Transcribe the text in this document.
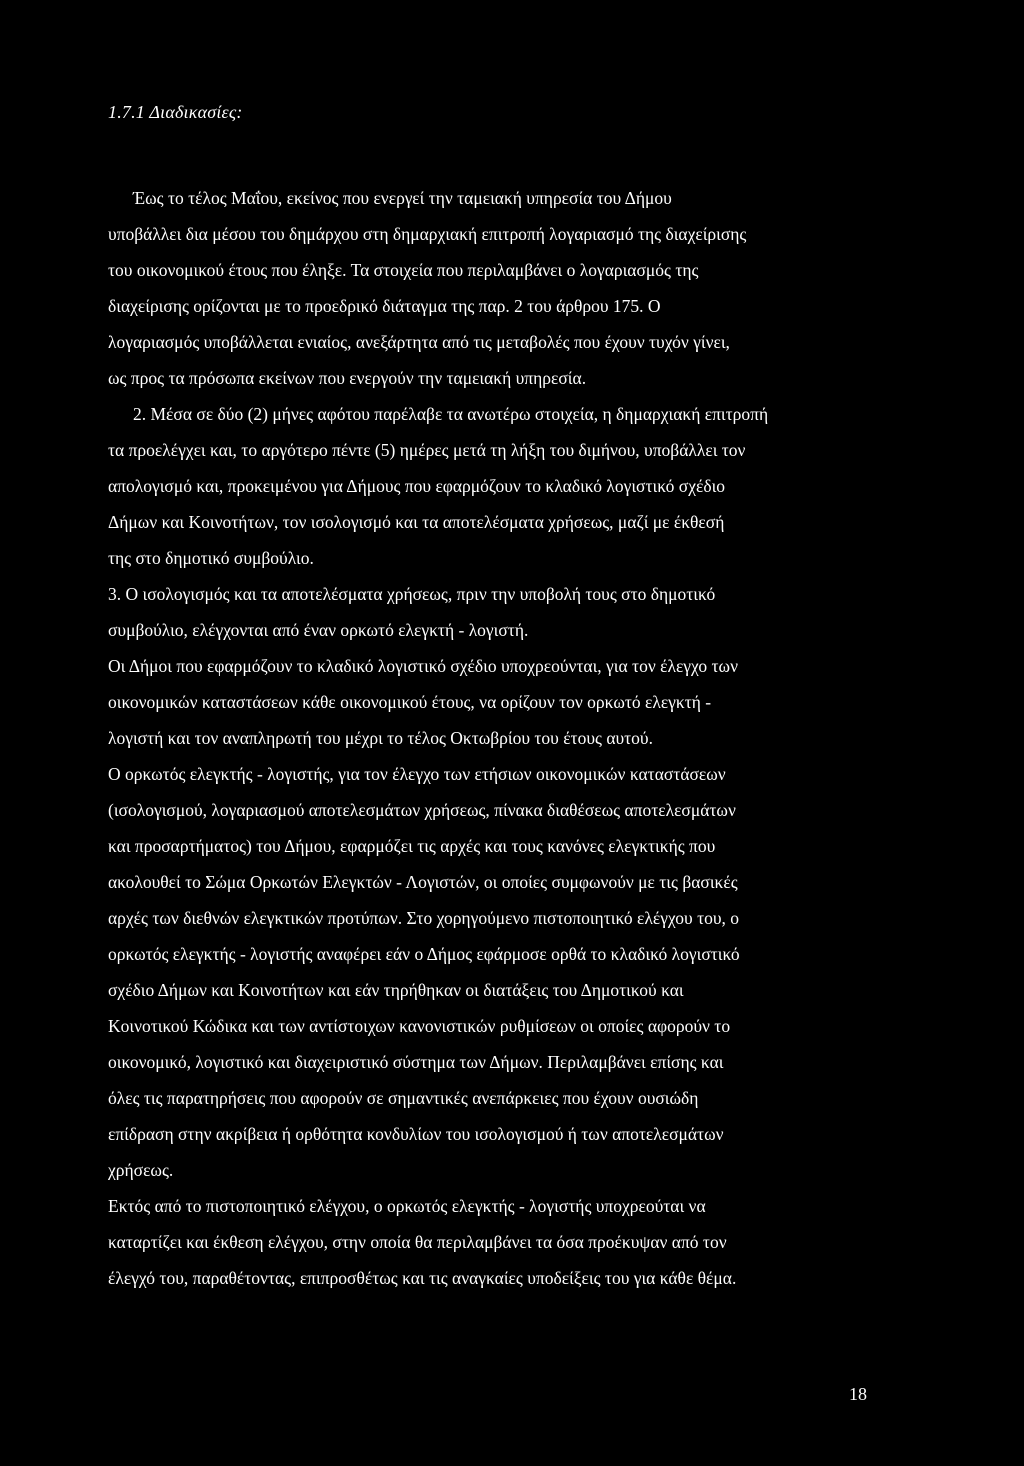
1.7.1 Διαδικασίες:

Έως το τέλος Μαΐου, εκείνος που ενεργεί την ταμειακή υπηρεσία του Δήμου

υποβάλλει δια μέσου του δημάρχου στη δημαρχιακή επιτροπή λογαριασμό της διαχείρισης

του οικονομικού έτους που έληξε. Τα στοιχεία που περιλαμβάνει ο λογαριασμός της

διαχείρισης ορίζονται με το προεδρικό διάταγμα της παρ. 2 του άρθρου 175. Ο

λογαριασμός υποβάλλεται ενιαίος, ανεξάρτητα από τις μεταβολές που έχουν τυχόν γίνει,

ως προς τα πρόσωπα εκείνων που ενεργούν την ταμειακή υπηρεσία.

2. Μέσα σε δύο (2) μήνες αφότου παρέλαβε τα ανωτέρω στοιχεία, η δημαρχιακή επιτροπή

τα προελέγχει και, το αργότερο πέντε (5) ημέρες μετά τη λήξη του διμήνου, υποβάλλει τον

απολογισμό και, προκειμένου για Δήμους που εφαρμόζουν το κλαδικό λογιστικό σχέδιο

Δήμων και Κοινοτήτων, τον ισολογισμό και τα αποτελέσματα χρήσεως, μαζί με έκθεσή

της στο δημοτικό συμβούλιο.

3. Ο ισολογισμός και τα αποτελέσματα χρήσεως, πριν την υποβολή τους στο δημοτικό

συμβούλιο, ελέγχονται από έναν ορκωτό ελεγκτή - λογιστή.

Οι Δήμοι που εφαρμόζουν το κλαδικό λογιστικό σχέδιο υποχρεούνται, για τον έλεγχο των

οικονομικών καταστάσεων κάθε οικονομικού έτους, να ορίζουν τον ορκωτό ελεγκτή -

λογιστή και τον αναπληρωτή του μέχρι το τέλος Οκτωβρίου του έτους αυτού.

Ο ορκωτός ελεγκτής - λογιστής, για τον έλεγχο των ετήσιων οικονομικών καταστάσεων

(ισολογισμού, λογαριασμού αποτελεσμάτων χρήσεως, πίνακα διαθέσεως αποτελεσμάτων

και προσαρτήματος) του Δήμου, εφαρμόζει τις αρχές και τους κανόνες ελεγκτικής που

ακολουθεί το Σώμα Ορκωτών Ελεγκτών - Λογιστών, οι οποίες συμφωνούν με τις βασικές

αρχές των διεθνών ελεγκτικών προτύπων. Στο χορηγούμενο πιστοποιητικό ελέγχου του, ο

ορκωτός ελεγκτής - λογιστής αναφέρει εάν ο Δήμος εφάρμοσε ορθά το κλαδικό λογιστικό

σχέδιο Δήμων και Κοινοτήτων και εάν τηρήθηκαν οι διατάξεις του Δημοτικού και

Κοινοτικού Κώδικα και των αντίστοιχων κανονιστικών ρυθμίσεων οι οποίες αφορούν το

οικονομικό, λογιστικό και διαχειριστικό σύστημα των Δήμων. Περιλαμβάνει επίσης και

όλες τις παρατηρήσεις που αφορούν σε σημαντικές ανεπάρκειες που έχουν ουσιώδη

επίδραση στην ακρίβεια ή ορθότητα κονδυλίων του ισολογισμού ή των αποτελεσμάτων

χρήσεως.

Εκτός από το πιστοποιητικό ελέγχου, ο ορκωτός ελεγκτής - λογιστής υποχρεούται να

καταρτίζει και έκθεση ελέγχου, στην οποία θα περιλαμβάνει τα όσα προέκυψαν από τον

έλεγχό του, παραθέτοντας, επιπροσθέτως και τις αναγκαίες υποδείξεις του για κάθε θέμα.

18
